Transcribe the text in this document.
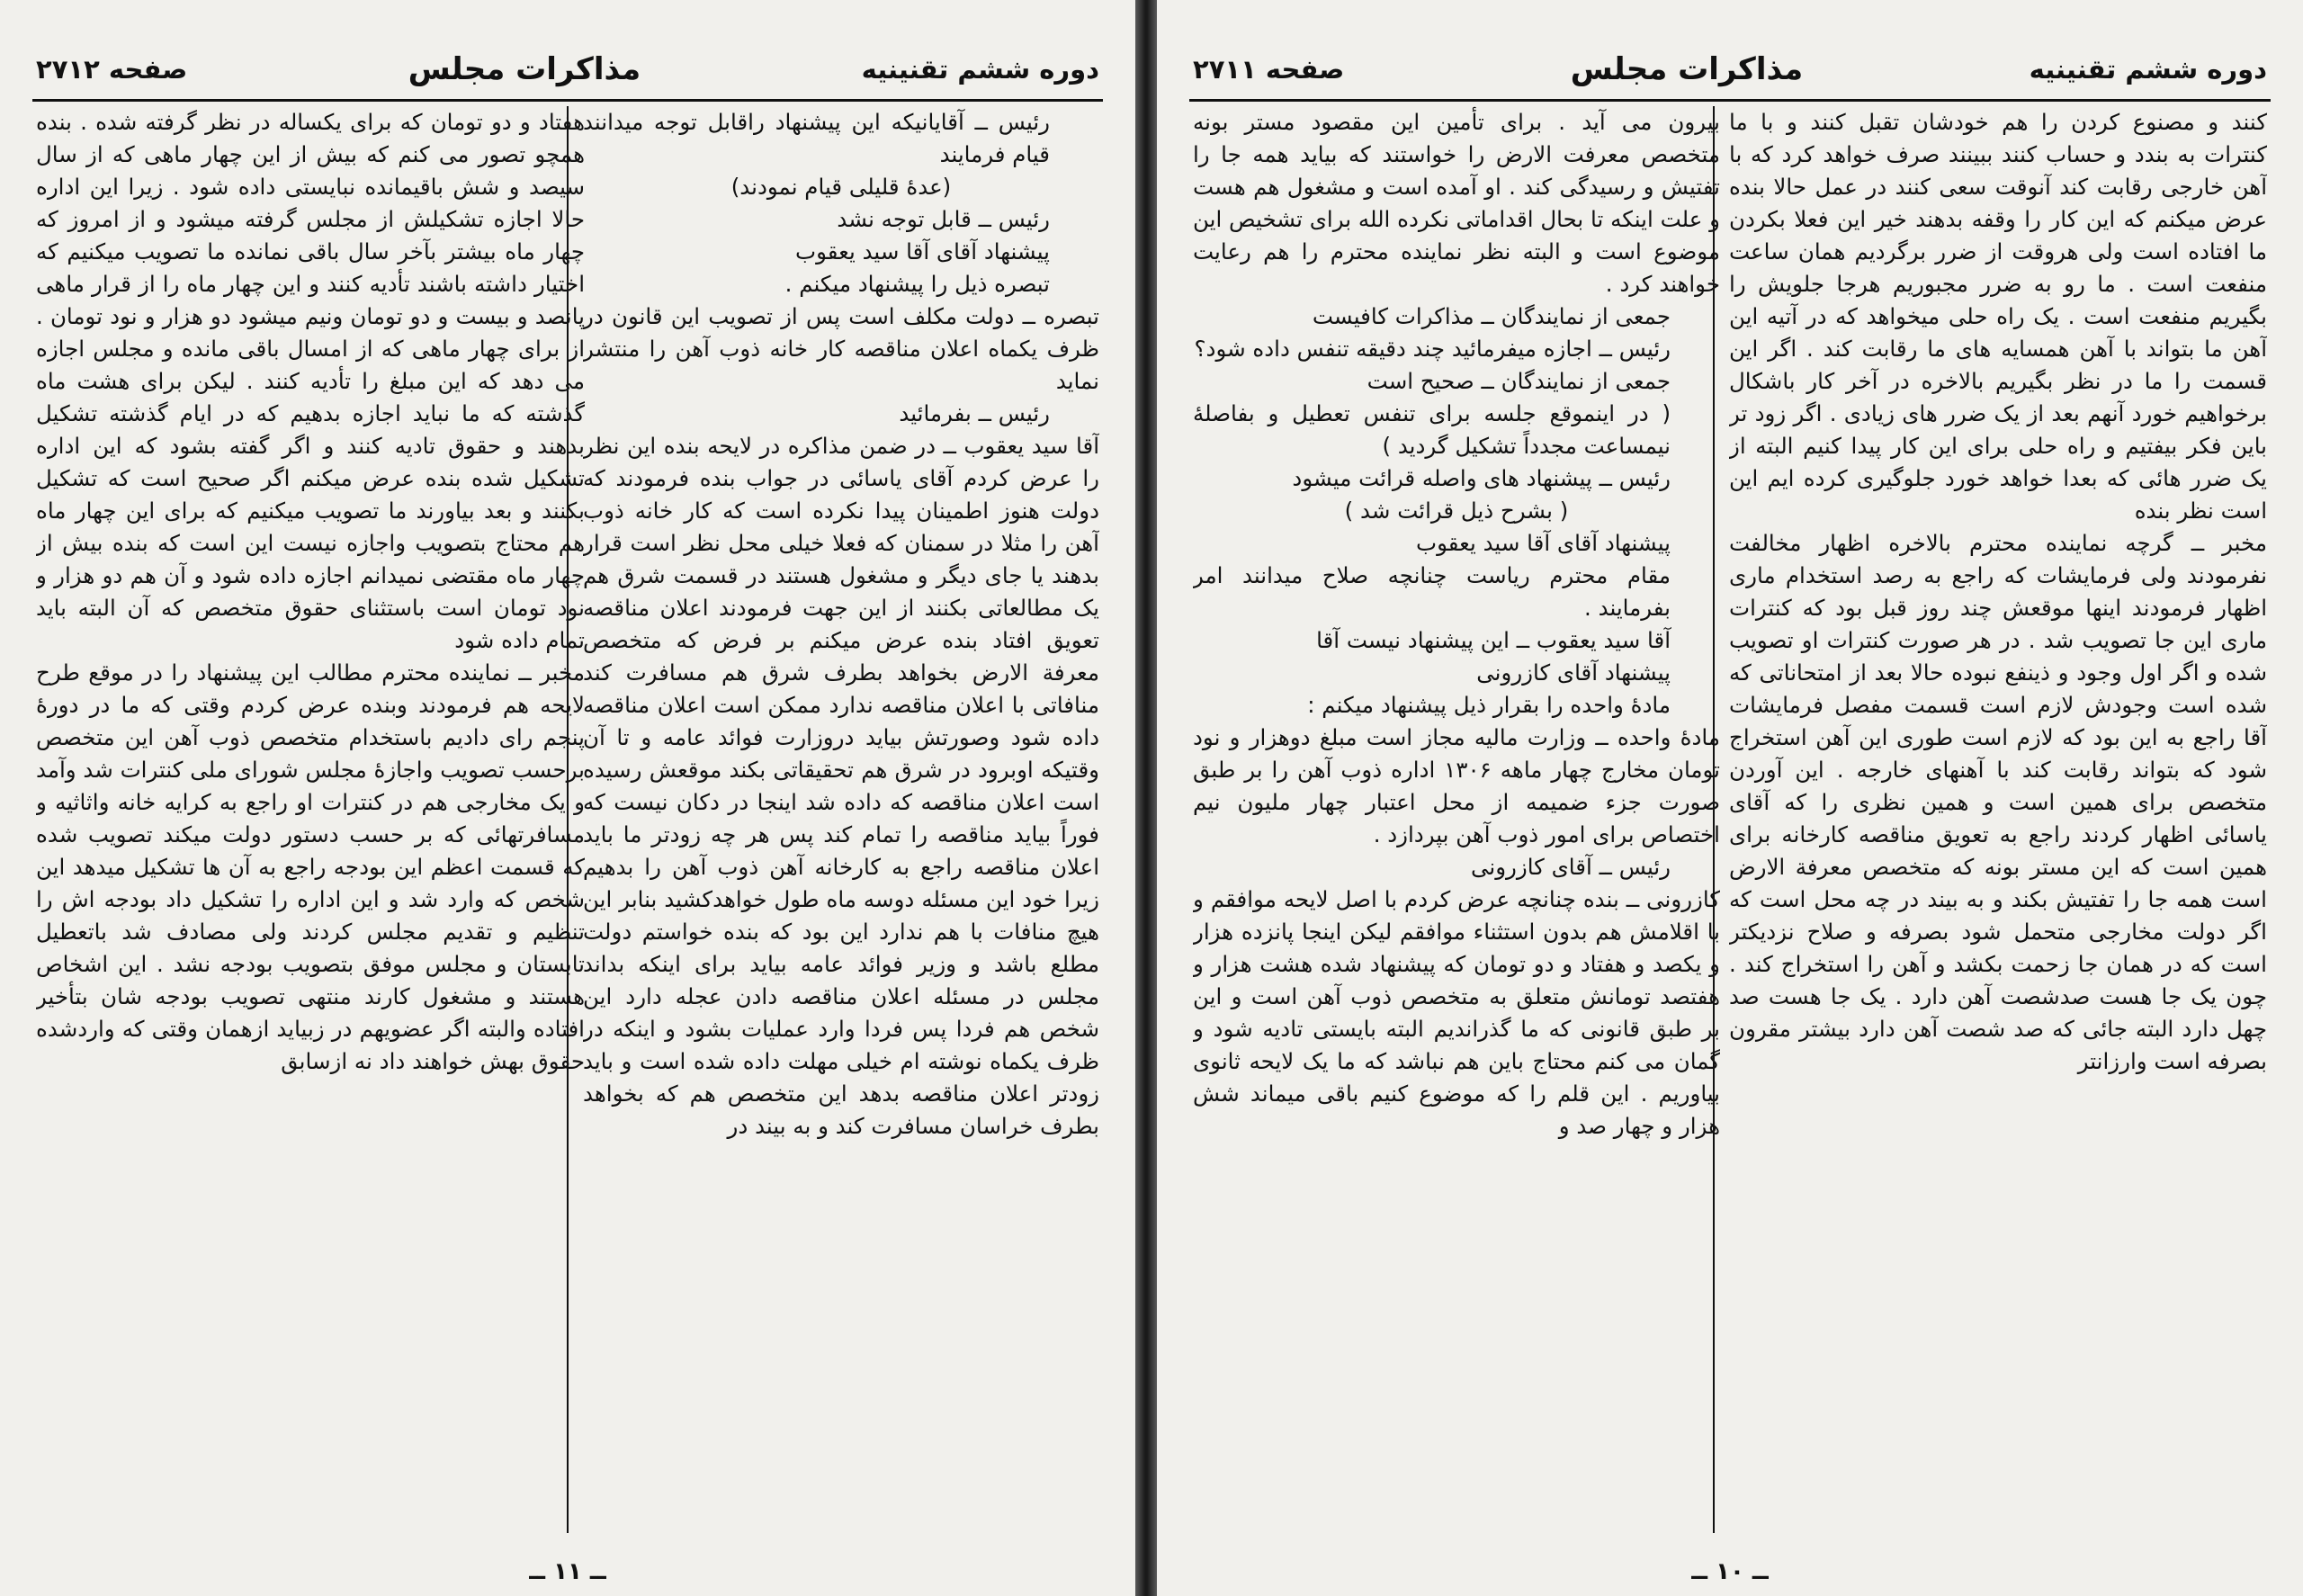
دوره ششم تقنینیه
مذاکرات مجلس
صفحه ۲۷۱۲

هفتاد و دو تومان که برای یکساله در نظر گرفته شده . بنده همچو تصور می کنم که بیش از این چهار ماهی که از سال سیصد و شش باقیمانده نبایستی داده شود . زیرا این اداره حالا اجازه تشکیلش از مجلس گرفته میشود و از امروز که چهار ماه بیشتر بآخر سال باقی نمانده ما تصویب میکنیم که اختیار داشته باشند تأدیه کنند و این چهار ماه را از قرار ماهی پانصد و بیست و دو تومان ونیم میشود دو هزار و نود تومان . از برای چهار ماهی که از امسال باقی مانده و مجلس اجازه می دهد که این مبلغ را تأدیه کنند . لیکن برای هشت ماه گذشته که ما نباید اجازه بدهیم که در ایام گذشته تشکیل بدهند و حقوق تادیه کنند و اگر گفته بشود که این اداره تشکیل شده بنده عرض میکنم اگر صحیح است که تشکیل بکنند و بعد بیاورند ما تصویب میکنیم که برای این چهار ماه هم محتاج بتصویب واجازه نیست این است که بنده بیش از چهار ماه مقتضی نمیدانم اجازه داده شود و آن هم دو هزار و نود تومان است باستثنای حقوق متخصص که آن البته باید تمام داده شود

مخبر ــ نماینده محترم مطالب این پیشنهاد را در موقع طرح لایحه هم فرمودند وبنده عرض کردم وقتی که ما در دورهٔ پنجم رای دادیم باستخدام متخصص ذوب آهن این متخصص برحسب تصویب واجازهٔ مجلس شورای ملی کنترات شد وآمد و یک مخارجی هم در کنترات او راجع به کرایه خانه واثاثیه و مسافرتهائی که بر حسب دستور دولت میکند تصویب شده که قسمت اعظم این بودجه راجع به آن ها تشکیل میدهد این شخص که وارد شد و این اداره را تشکیل داد بودجه اش را تنظیم و تقدیم مجلس کردند ولی مصادف شد باتعطیل تابستان و مجلس موفق بتصویب بودجه نشد . این اشخاص هستند و مشغول کارند منتهی تصویب بودجه شان بتأخیر افتاده والبته اگر عضویهم در زبیاید ازهمان وقتی که واردشده حقوق بهش خواهند داد نه ازسابق

رئیس ــ آقایانیکه این پیشنهاد راقابل توجه میدانند قیام فرمایند

(عدهٔ قلیلی قیام نمودند)

رئیس ــ قابل توجه نشد

پیشنهاد آقای آقا سید یعقوب

تبصره ذیل را پیشنهاد میکنم .

تبصره ــ دولت مکلف است پس از تصویب این قانون در ظرف یکماه اعلان مناقصه کار خانه ذوب آهن را منتشر نماید

رئیس ــ بفرمائید

آقا سید یعقوب ــ در ضمن مذاکره در لایحه بنده این نظر را عرض کردم آقای یاسائی در جواب بنده فرمودند که دولت هنوز اطمینان پیدا نکرده است که کار خانه ذوب آهن را مثلا در سمنان که فعلا خیلی محل نظر است قرار بدهند یا جای دیگر و مشغول هستند در قسمت شرق هم یک مطالعاتی بکنند از این جهت فرمودند اعلان مناقصه تعویق افتاد بنده عرض میکنم بر فرض که متخصص معرفة الارض بخواهد بطرف شرق هم مسافرت کند منافاتی با اعلان مناقصه ندارد ممکن است اعلان مناقصه داده شود وصورتش بیاید دروزارت فوائد عامه و تا آن وقتیکه اوبرود در شرق هم تحقیقاتی بکند موقعش رسیده است اعلان مناقصه که داده شد اینجا در دکان نیست که فوراً بیاید مناقصه را تمام کند پس هر چه زودتر ما باید اعلان مناقصه راجع به کارخانه آهن ذوب آهن را بدهیم زیرا خود این مسئله دوسه ماه طول خواهدکشید بنابر این هیچ منافات با هم ندارد این بود که بنده خواستم دولت مطلع باشد و وزیر فوائد عامه بیاید برای اینکه بداند مجلس در مسئله اعلان مناقصه دادن عجله دارد این شخص هم فردا پس فردا وارد عملیات بشود و اینکه در ظرف یکماه نوشته ام خیلی مهلت داده شده است و باید زودتر اعلان مناقصه بدهد این متخصص هم که بخواهد بطرف خراسان مسافرت کند و به بیند در

ــ ۱۱ ــ
دوره ششم تقنینیه
مذاکرات مجلس
صفحه ۲۷۱۱

بیرون می آید . برای تأمین این مقصود مستر بونه متخصص معرفت الارض را خواستند که بیاید همه جا را تفتیش و رسیدگی کند . او آمده است و مشغول هم هست و علت اینکه تا بحال اقداماتی نکرده الله برای تشخیص این موضوع است و البته نظر نماینده محترم را هم رعایت خواهند کرد .

جمعی از نمایندگان ــ مذاکرات کافیست

رئیس ــ اجازه میفرمائید چند دقیقه تنفس داده شود؟

جمعی از نمایندگان ــ صحیح است

( در اینموقع جلسه برای تنفس تعطیل و بفاصلهٔ نیمساعت مجدداً تشکیل گردید )

رئیس ــ پیشنهاد های واصله قرائت میشود

( بشرح ذیل قرائت شد )

پیشنهاد آقای آقا سید یعقوب

مقام محترم ریاست چنانچه صلاح میدانند امر بفرمایند .

آقا سید یعقوب ــ این پیشنهاد نیست آقا

پیشنهاد آقای کازرونی

مادهٔ واحده را بقرار ذیل پیشنهاد میکنم :

مادهٔ واحده ــ وزارت مالیه مجاز است مبلغ دوهزار و نود تومان مخارج چهار ماهه ۱۳۰۶ اداره ذوب آهن را بر طبق صورت جزء ضمیمه از محل اعتبار چهار ملیون نیم اختصاص برای امور ذوب آهن بپردازد .

رئیس ــ آقای کازرونی

کازرونی ــ بنده چنانچه عرض کردم با اصل لایحه موافقم و با اقلامش هم بدون استثناء موافقم لیکن اینجا پانزده هزار و یکصد و هفتاد و دو تومان که پیشنهاد شده هشت هزار و هفتصد تومانش متعلق به متخصص ذوب آهن است و این بر طبق قانونی که ما گذراندیم البته بایستی تادیه شود و گمان می کنم محتاج باین هم نباشد که ما یک لایحه ثانوی بیاوریم . این قلم را که موضوع کنیم باقی میماند شش هزار و چهار صد و

کنند و مصنوع کردن را هم خودشان تقبل کنند و با ما کنترات به بندد و حساب کنند ببینند صرف خواهد کرد که با آهن خارجی رقابت کند آنوقت سعی کنند در عمل حالا بنده عرض میکنم که این کار را وقفه بدهند خیر این فعلا بکردن ما افتاده است ولی هروقت از ضرر برگردیم همان ساعت منفعت است . ما رو به ضرر مجبوریم هرجا جلویش را بگیریم منفعت است . یک راه حلی میخواهد که در آتیه این آهن ما بتواند با آهن همسایه های ما رقابت کند . اگر این قسمت را ما در نظر بگیریم بالاخره در آخر کار باشکال برخواهیم خورد آنهم بعد از یک ضرر های زیادی . اگر زود تر باین فکر بیفتیم و راه حلی برای این کار پیدا کنیم البته از یک ضرر هائی که بعدا خواهد خورد جلوگیری کرده ایم این است نظر بنده

مخبر ــ گرچه نماینده محترم بالاخره اظهار مخالفت نفرمودند ولی فرمایشات که راجع به رصد استخدام ماری اظهار فرمودند اینها موقعش چند روز قبل بود که کنترات ماری این جا تصویب شد . در هر صورت کنترات او تصویب شده و اگر اول وجود و ذینفع نبوده حالا بعد از امتحاناتی که شده است وجودش لازم است قسمت مفصل فرمایشات آقا راجع به این بود که لازم است طوری این آهن استخراج شود که بتواند رقابت کند با آهنهای خارجه . این آوردن متخصص برای همین است و همین نظری را که آقای یاسائی اظهار کردند راجع به تعویق مناقصه کارخانه برای همین است که این مستر بونه که متخصص معرفة الارض است همه جا را تفتیش بکند و به بیند در چه محل است که اگر دولت مخارجی متحمل شود بصرفه و صلاح نزدیکتر است که در همان جا زحمت بکشد و آهن را استخراج کند . چون یک جا هست صدشصت آهن دارد . یک جا هست صد چهل دارد البته جائی که صد شصت آهن دارد بیشتر مقرون بصرفه است وارزانتر

ــ ۱۰ ــ
